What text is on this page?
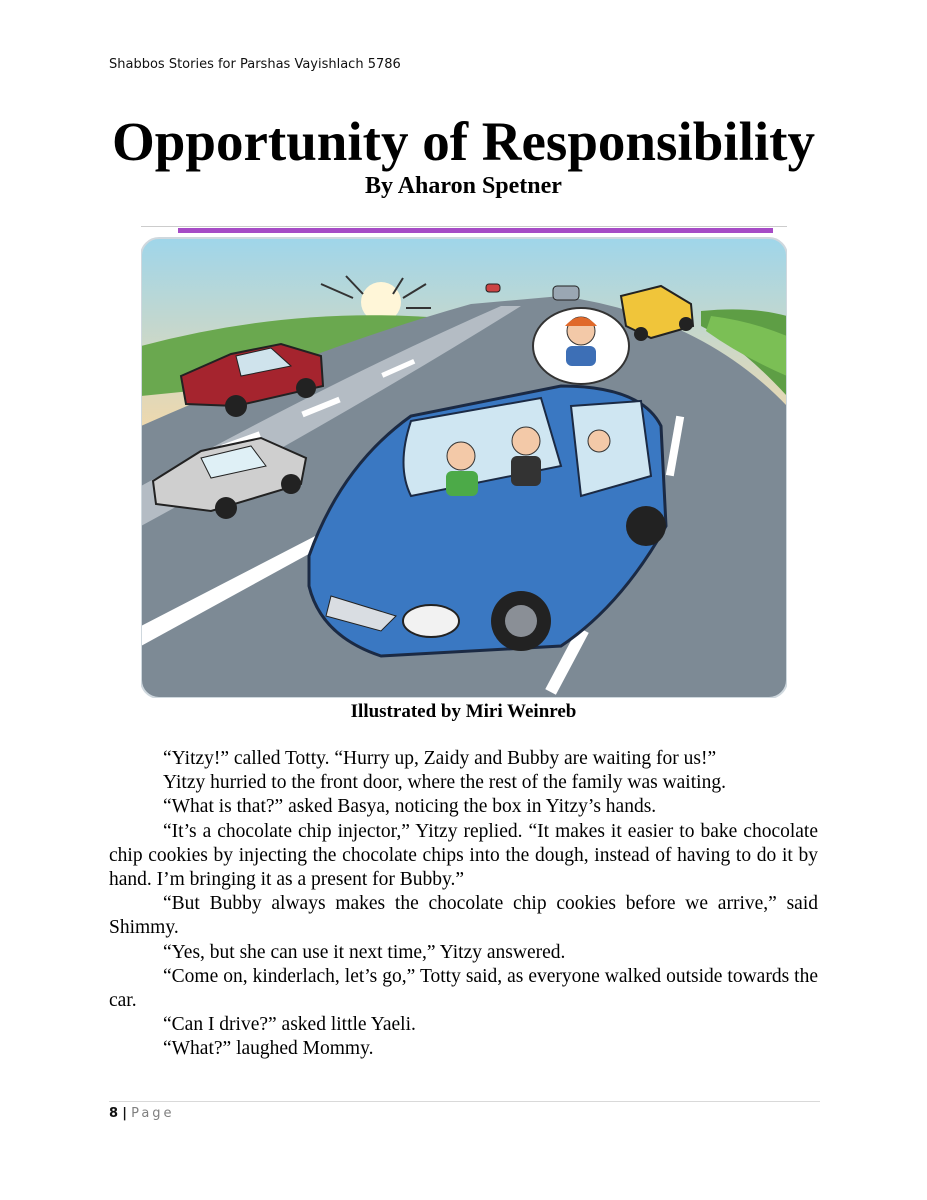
Shabbos Stories for Parshas Vayishlach 5786
Opportunity of Responsibility
By Aharon Spetner
Illustrated by Miri Weinreb

“Yitzy!” called Totty. “Hurry up, Zaidy and Bubby are waiting for us!”

Yitzy hurried to the front door, where the rest of the family was waiting.

“What is that?” asked Basya, noticing the box in Yitzy’s hands.

“It’s a chocolate chip injector,” Yitzy replied. “It makes it easier to bake chocolate chip cookies by injecting the chocolate chips into the dough, instead of having to do it by hand. I’m bringing it as a present for Bubby.”

“But Bubby always makes the chocolate chip cookies before we arrive,” said Shimmy.

“Yes, but she can use it next time,” Yitzy answered.

“Come on, kinderlach, let’s go,” Totty said, as everyone walked outside towards the car.

“Can I drive?” asked little Yaeli.

“What?” laughed Mommy.

8 | Page
